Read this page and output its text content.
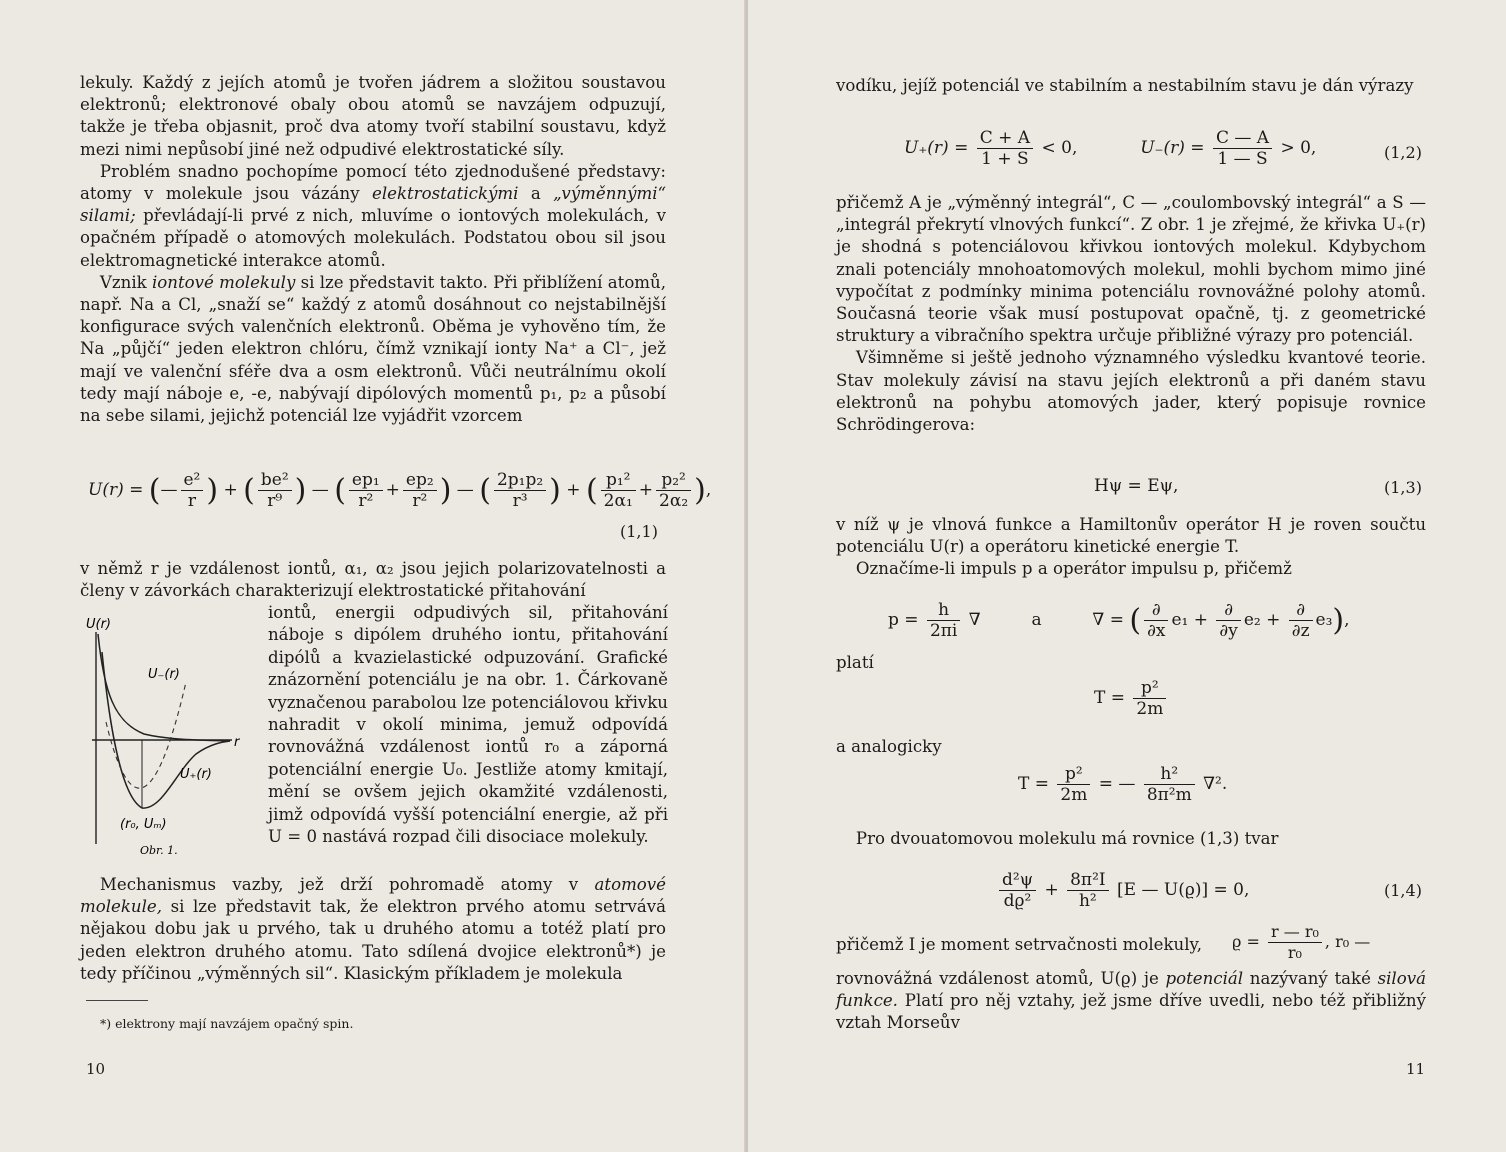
lekuly. Každý z jejích atomů je tvořen jádrem a složitou soustavou elektronů; elektronové obaly obou atomů se navzájem odpuzují, takže je třeba objasnit, proč dva atomy tvoří stabilní soustavu, když mezi nimi nepůsobí jiné než odpudivé elektrostatické síly.

Problém snadno pochopíme pomocí této zjednodušené představy: atomy v molekule jsou vázány elektrostatickými a „výměnnými“ silami; převládají-li prvé z nich, mluvíme o iontových molekulách, v opačném případě o atomových molekulách. Podstatou obou sil jsou elektromagnetické interakce atomů.

Vznik iontové molekuly si lze představit takto. Při přiblížení atomů, např. Na a Cl, „snaží se“ každý z atomů dosáhnout co nejstabilnější konfigurace svých valenčních elektronů. Oběma je vyhověno tím, že Na „půjčí“ jeden elektron chlóru, čímž vznikají ionty Na⁺ a Cl⁻, jež mají ve valenční sféře dva a osm elektronů. Vůči neutrálnímu okolí tedy mají náboje e, -e, nabývají dipólových momentů p₁, p₂ a působí na sebe silami, jejichž potenciál lze vyjádřit vzorcem

U(r) = (— $\frac{\text{e²}}{r}$ ) + ( $\frac{\text{be²}}{\text{r⁹}}$ ) — ( $\frac{\text{ep₁}}{\text{r²}} + \frac{\text{ep₂}}{\text{r²}}$ ) — ( $\frac{\text{2p₁p₂}}{\text{r³}}$ ) + ( $\frac{\text{p₁²}}{\text{2α₁}} + \frac{\text{p₂²}}{\text{2α₂}}$ ),
(1,1)

v němž r je vzdálenost iontů, α₁, α₂ jsou jejich polarizovatelnosti a členy v závorkách charakterizují elektrostatické přitahování

iontů, energii odpudivých sil, přitahování náboje s dipólem druhého iontu, přitahování dipólů a kvazielastické odpuzování. Grafické znázornění potenciálu je na obr. 1. Čárkovaně vyznačenou parabolou lze potenciálovou křivku nahradit v okolí minima, jemuž odpovídá rovnovážná vzdálenost iontů r₀ a záporná potenciální energie U₀. Jestliže atomy kmitají, mění se ovšem jejich okamžité vzdálenosti, jimž odpovídá vyšší potenciální energie, až při U = 0 nastává rozpad čili disociace molekuly.

U(r)
U₋(r)
U₊(r)
r
(r₀, Uₘ)
Obr. 1.

Mechanismus vazby, jež drží pohromadě atomy v atomové molekule, si lze představit tak, že elektron prvého atomu setrvává nějakou dobu jak u prvého, tak u druhého atomu a totéž platí pro jeden elektron druhého atomu. Tato sdílená dvojice elektronů*) je tedy příčinou „výměnných sil“. Klasickým příkladem je molekula

*) elektrony mají navzájem opačný spin.
10

vodíku, jejíž potenciál ve stabilním a nestabilním stavu je dán výrazy

$U_+(r) = \frac{C + A}{1 + S} < 0$,	$U_-(r) = \frac{C — A}{1 — S} > 0$,	(1,2)

přičemž A je „výměnný integrál“, C — „coulombovský integrál“ a S — „integrál překrytí vlnových funkcí“. Z obr. 1 je zřejmé, že křivka U₊(r) je shodná s potenciálovou křivkou iontových molekul. Kdybychom znali potenciály mnohoatomových molekul, mohli bychom mimo jiné vypočítat z podmínky minima potenciálu rovnovážné polohy atomů. Současná teorie však musí postupovat opačně, tj. z geometrické struktury a vibračního spektra určuje přibližné výrazy pro potenciál.

Všimněme si ještě jednoho významného výsledku kvantové teorie. Stav molekuly závisí na stavu jejích elektronů a při daném stavu elektronů na pohybu atomových jader, který popisuje rovnice Schrödingerova:

Hψ = Eψ,	(1,3)

v níž ψ je vlnová funkce a Hamiltonův operátor H je roven součtu potenciálu U(r) a operátoru kinetické energie T.

Označíme-li impuls p a operátor impulsu p, přičemž

$p = \frac{h}{2\pi i}$ ∇	a	∇ = ( $\frac{\partial}{\partial x} e_1 + \frac{\partial}{\partial y} e_2 + \frac{\partial}{\partial z} e_3$),
platí
$T = \frac{\text{p²}}{2m}$
a analogicky
$T = \frac{\text{p²}}{2m}$ = — $\frac{\text{h²}}{\text{8π²m}} \nabla^2$.

Pro dvouatomovou molekulu má rovnice (1,3) tvar

$\frac{\text{d²ψ}}{\text{dϱ²}} + \frac{\text{8π²I}}{\text{h²}} [E$ — U(ϱ)] = 0,	(1,4)
přičemž I je moment setrvačnosti molekuly, $ϱ = \frac{\text{r — r₀}}{\text{r₀}}$ , r₀ —

rovnovážná vzdálenost atomů, U(ϱ) je potenciál nazývaný také silová funkce. Platí pro něj vztahy, jež jsme dříve uvedli, nebo též přibližný vztah Morseův

11
